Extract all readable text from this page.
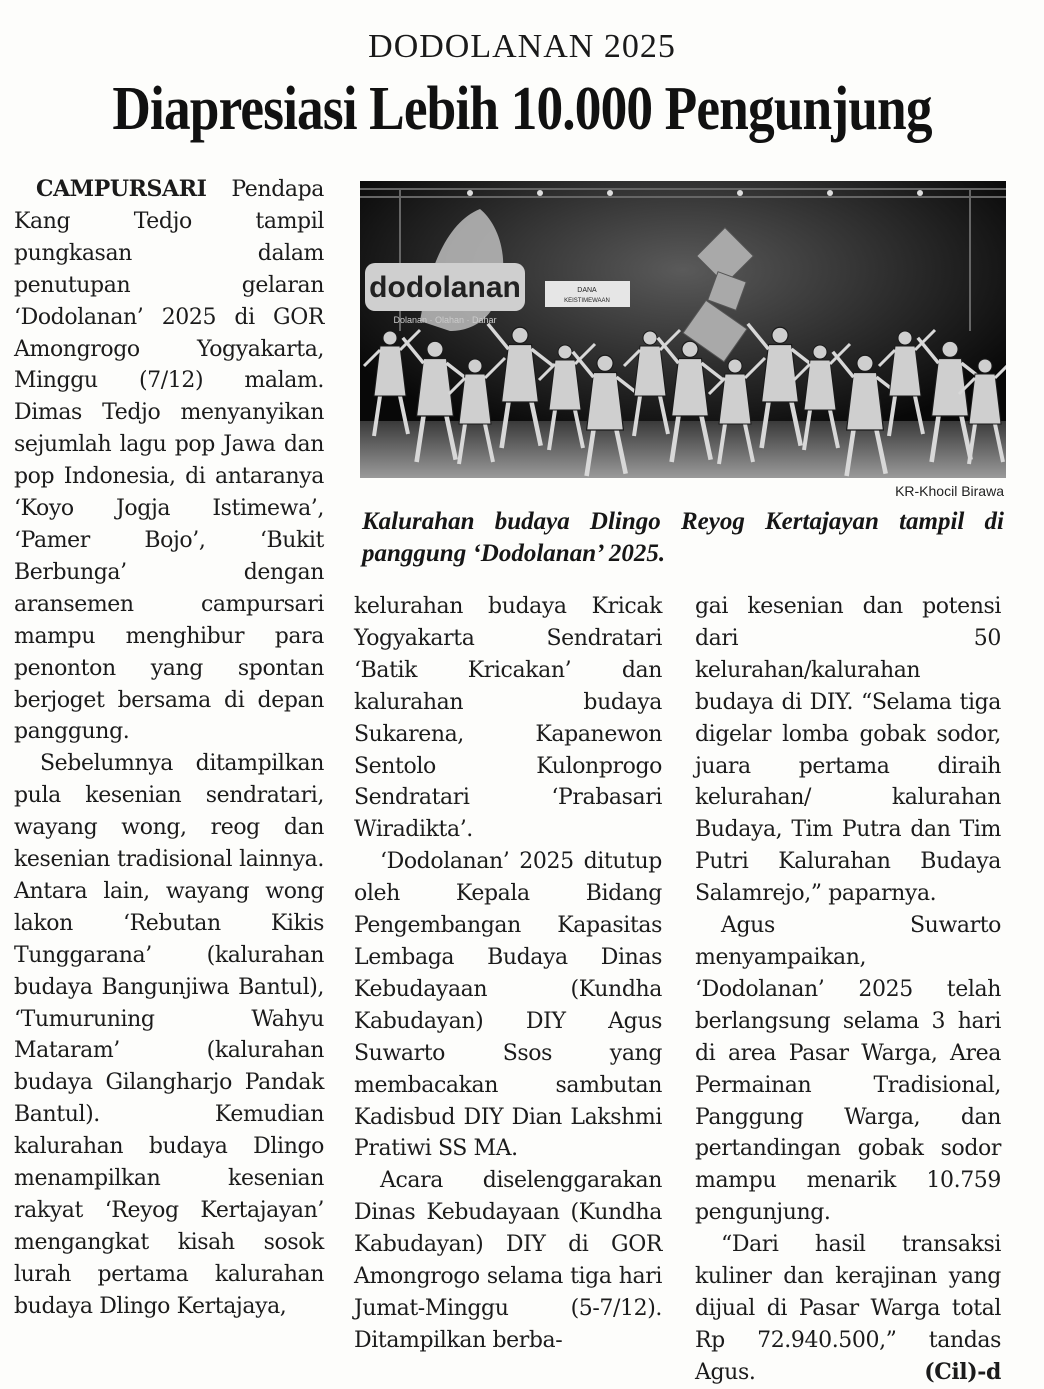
DODOLANAN 2025
Diapresiasi Lebih 10.000 Pengunjung
dodolanan
Dolanan · Olahan · Dahar
DANA
KEISTIMEWAAN
KR-Khocil Birawa
Kalurahan budaya Dlingo Reyog Kertajayan tampil di panggung ‘Dodolanan’ 2025.

CAMPURSARI Pendapa Kang Tedjo tampil pungkasan dalam penutupan gelaran ‘Dodolanan’ 2025 di GOR Amongrogo Yogyakarta, Minggu (7/12) malam. Dimas Tedjo menyanyikan sejumlah lagu pop Jawa dan pop Indonesia, di antaranya ‘Koyo Jogja Istimewa’, ‘Pamer Bojo’, ‘Bukit Berbunga’ dengan aransemen campursari mampu menghibur para penonton yang spontan berjoget bersama di depan panggung.

Sebelumnya ditampilkan pula kesenian sendratari, wayang wong, reog dan kesenian tradisional lainnya. Antara lain, wayang wong lakon ‘Rebutan Kikis Tunggarana’ (kalurahan budaya Bangunjiwa Bantul), ‘Tumuruning Wahyu Mataram’ (kalurahan budaya Gilangharjo Pandak Bantul). Kemudian kalurahan budaya Dlingo menampilkan kesenian rakyat ‘Reyog Kertajayan’ mengangkat kisah sosok lurah pertama kalurahan budaya Dlingo Kertajaya,

kelurahan budaya Kricak Yogyakarta Sendratari ‘Batik Kricakan’ dan kalurahan budaya Sukarena, Kapanewon Sentolo Kulonprogo Sendratari ‘Prabasari Wiradikta’.

‘Dodolanan’ 2025 ditutup oleh Kepala Bidang Pengembangan Kapasitas Lembaga Budaya Dinas Kebudayaan (Kundha Kabudayan) DIY Agus Suwarto Ssos yang membacakan sambutan Kadisbud DIY Dian Lakshmi Pratiwi SS MA.

Acara diselenggarakan Dinas Kebudayaan (Kundha Kabudayan) DIY di GOR Amongrogo selama tiga hari Jumat-Minggu (5-7/12). Ditampilkan berba-

gai kesenian dan potensi dari 50 kelurahan/kalurahan budaya di DIY. “Selama tiga digelar lomba gobak sodor, juara pertama diraih kelurahan/ kalurahan Budaya, Tim Putra dan Tim Putri Kalurahan Budaya Salamrejo,” paparnya.

Agus Suwarto menyampaikan, ‘Dodolanan’ 2025 telah berlangsung selama 3 hari di area Pasar Warga, Area Permainan Tradisional, Panggung Warga, dan pertandingan gobak sodor mampu menarik 10.759 pengunjung.

“Dari hasil transaksi kuliner dan kerajinan yang dijual di Pasar Warga total Rp 72.940.500,” tandas Agus.	(Cil)-d
